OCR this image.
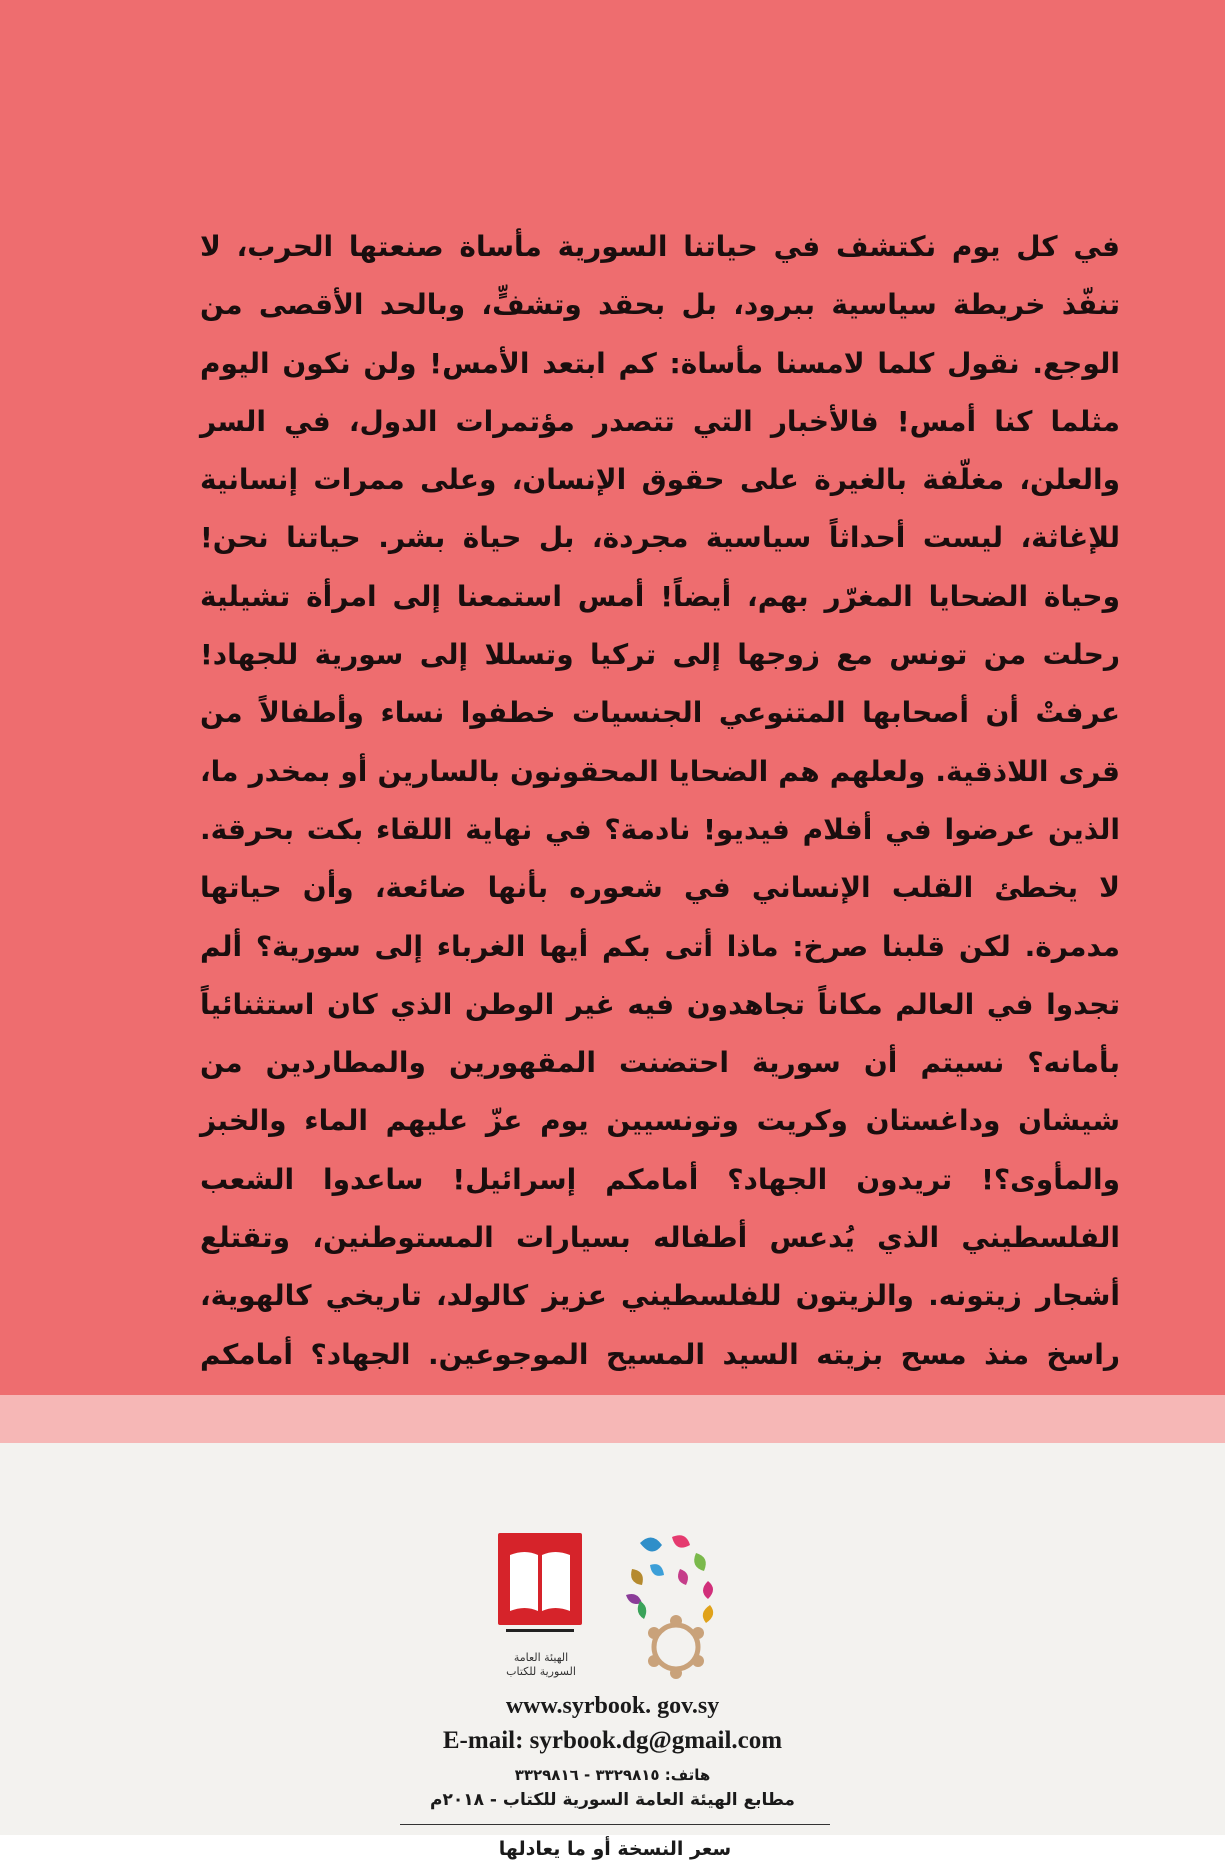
في كل يوم نكتشف في حياتنا السورية مأساة صنعتها الحرب، لا تنفّذ خريطة سياسية ببرود، بل بحقد وتشفٍّ، وبالحد الأقصى من الوجع. نقول كلما لامسنا مأساة: كم ابتعد الأمس! ولن نكون اليوم مثلما كنا أمس! فالأخبار التي تتصدر مؤتمرات الدول، في السر والعلن، مغلّفة بالغيرة على حقوق الإنسان، وعلى ممرات إنسانية للإغاثة، ليست أحداثاً سياسية مجردة، بل حياة بشر. حياتنا نحن! وحياة الضحايا المغرّر بهم، أيضاً! أمس استمعنا إلى امرأة تشيلية رحلت من تونس مع زوجها إلى تركيا وتسللا إلى سورية للجهاد! عرفتْ أن أصحابها المتنوعي الجنسيات خطفوا نساء وأطفالاً من قرى اللاذقية. ولعلهم هم الضحايا المحقونون بالسارين أو بمخدر ما، الذين عرضوا في أفلام فيديو! نادمة؟ في نهاية اللقاء بكت بحرقة. لا يخطئ القلب الإنساني في شعوره بأنها ضائعة، وأن حياتها مدمرة. لكن قلبنا صرخ: ماذا أتى بكم أيها الغرباء إلى سورية؟ ألم تجدوا في العالم مكاناً تجاهدون فيه غير الوطن الذي كان استثنائياً بأمانه؟ نسيتم أن سورية احتضنت المقهورين والمطاردين من شيشان وداغستان وكريت وتونسيين يوم عزّ عليهم الماء والخبز والمأوى؟! تريدون الجهاد؟ أمامكم إسرائيل! ساعدوا الشعب الفلسطيني الذي يُدعس أطفاله بسيارات المستوطنين، وتقتلع أشجار زيتونه. والزيتون للفلسطيني عزيز كالولد، تاريخي كالهوية، راسخ منذ مسح بزيته السيد المسيح الموجوعين. الجهاد؟ أمامكم

الهيئة العامة السورية للكتاب

www.syrbook. gov.sy

E-mail: syrbook.dg@gmail.com

هاتف: ٣٣٢٩٨١٥ - ٣٣٢٩٨١٦

مطابع الهيئة العامة السورية للكتاب - ٢٠١٨م

سعر النسخة أو ما يعادلها
